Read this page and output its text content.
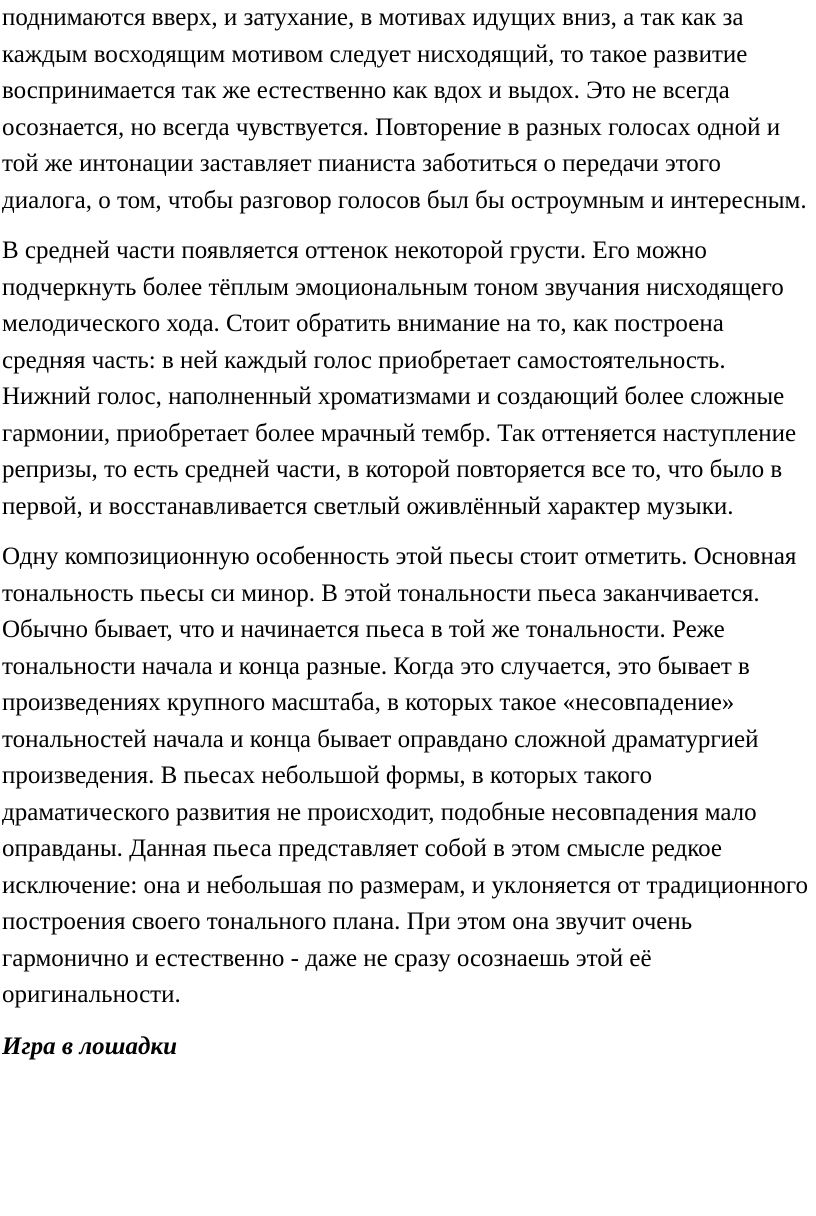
поднимаются вверх, и затухание, в мотивах идущих вниз, а так как за каждым восходящим мотивом следует нисходящий, то такое развитие воспринимается так же естественно как вдох и выдох. Это не всегда осознается, но всегда чувствуется. Повторение в разных голосах одной и той же интонации заставляет пианиста заботиться о передачи этого диалога, о том, чтобы разговор голосов был бы остроумным и интересным.

В средней части появляется оттенок некоторой грусти. Его можно подчеркнуть более тёплым эмоциональным тоном звучания нисходящего мелодического хода. Стоит обратить внимание на то, как построена средняя часть: в ней каждый голос приобретает самостоятельность. Нижний голос, наполненный хроматизмами и создающий более сложные гармонии, приобретает более мрачный тембр. Так оттеняется наступление репризы, то есть средней части, в которой повторяется все то, что было в первой, и восстанавливается светлый оживлённый характер музыки.

Одну композиционную особенность этой пьесы стоит отметить. Основная тональность пьесы си минор. В этой тональности пьеса заканчивается. Обычно бывает, что и начинается пьеса в той же тональности. Реже тональности начала и конца разные. Когда это случается, это бывает в произведениях крупного масштаба, в которых такое «несовпадение» тональностей начала и конца бывает оправдано сложной драматургией произведения. В пьесах небольшой формы, в которых такого драматического развития не происходит, подобные несовпадения мало оправданы. Данная пьеса представляет собой в этом смысле редкое исключение: она и небольшая по размерам, и уклоняется от традиционного построения своего тонального плана. При этом она звучит очень гармонично и естественно - даже не сразу осознаешь этой её оригинальности.

Игра в лошадки
